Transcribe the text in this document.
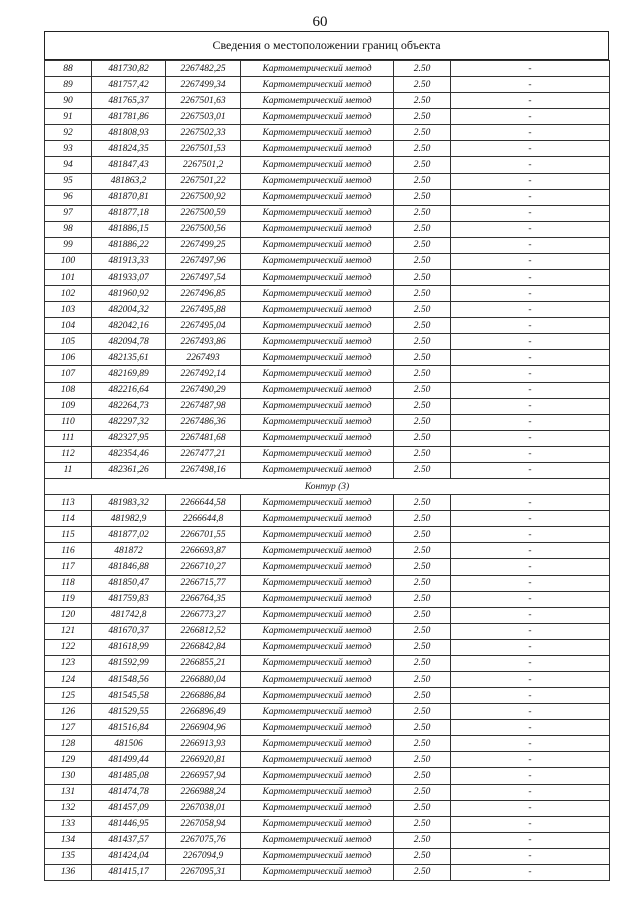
60
Сведения о местоположении границ объекта
88	481730,82	2267482,25	Картометрический метод	2.50	-
89	481757,42	2267499,34	Картометрический метод	2.50	-
90	481765,37	2267501,63	Картометрический метод	2.50	-
91	481781,86	2267503,01	Картометрический метод	2.50	-
92	481808,93	2267502,33	Картометрический метод	2.50	-
93	481824,35	2267501,53	Картометрический метод	2.50	-
94	481847,43	2267501,2	Картометрический метод	2.50	-
95	481863,2	2267501,22	Картометрический метод	2.50	-
96	481870,81	2267500,92	Картометрический метод	2.50	-
97	481877,18	2267500,59	Картометрический метод	2.50	-
98	481886,15	2267500,56	Картометрический метод	2.50	-
99	481886,22	2267499,25	Картометрический метод	2.50	-
100	481913,33	2267497,96	Картометрический метод	2.50	-
101	481933,07	2267497,54	Картометрический метод	2.50	-
102	481960,92	2267496,85	Картометрический метод	2.50	-
103	482004,32	2267495,88	Картометрический метод	2.50	-
104	482042,16	2267495,04	Картометрический метод	2.50	-
105	482094,78	2267493,86	Картометрический метод	2.50	-
106	482135,61	2267493	Картометрический метод	2.50	-
107	482169,89	2267492,14	Картометрический метод	2.50	-
108	482216,64	2267490,29	Картометрический метод	2.50	-
109	482264,73	2267487,98	Картометрический метод	2.50	-
110	482297,32	2267486,36	Картометрический метод	2.50	-
111	482327,95	2267481,68	Картометрический метод	2.50	-
112	482354,46	2267477,21	Картометрический метод	2.50	-
11	482361,26	2267498,16	Картометрический метод	2.50	-
Контур (3)					
113	481983,32	2266644,58	Картометрический метод	2.50	-
114	481982,9	2266644,8	Картометрический метод	2.50	-
115	481877,02	2266701,55	Картометрический метод	2.50	-
116	481872	2266693,87	Картометрический метод	2.50	-
117	481846,88	2266710,27	Картометрический метод	2.50	-
118	481850,47	2266715,77	Картометрический метод	2.50	-
119	481759,83	2266764,35	Картометрический метод	2.50	-
120	481742,8	2266773,27	Картометрический метод	2.50	-
121	481670,37	2266812,52	Картометрический метод	2.50	-
122	481618,99	2266842,84	Картометрический метод	2.50	-
123	481592,99	2266855,21	Картометрический метод	2.50	-
124	481548,56	2266880,04	Картометрический метод	2.50	-
125	481545,58	2266886,84	Картометрический метод	2.50	-
126	481529,55	2266896,49	Картометрический метод	2.50	-
127	481516,84	2266904,96	Картометрический метод	2.50	-
128	481506	2266913,93	Картометрический метод	2.50	-
129	481499,44	2266920,81	Картометрический метод	2.50	-
130	481485,08	2266957,94	Картометрический метод	2.50	-
131	481474,78	2266988,24	Картометрический метод	2.50	-
132	481457,09	2267038,01	Картометрический метод	2.50	-
133	481446,95	2267058,94	Картометрический метод	2.50	-
134	481437,57	2267075,76	Картометрический метод	2.50	-
135	481424,04	2267094,9	Картометрический метод	2.50	-
136	481415,17	2267095,31	Картометрический метод	2.50	-
